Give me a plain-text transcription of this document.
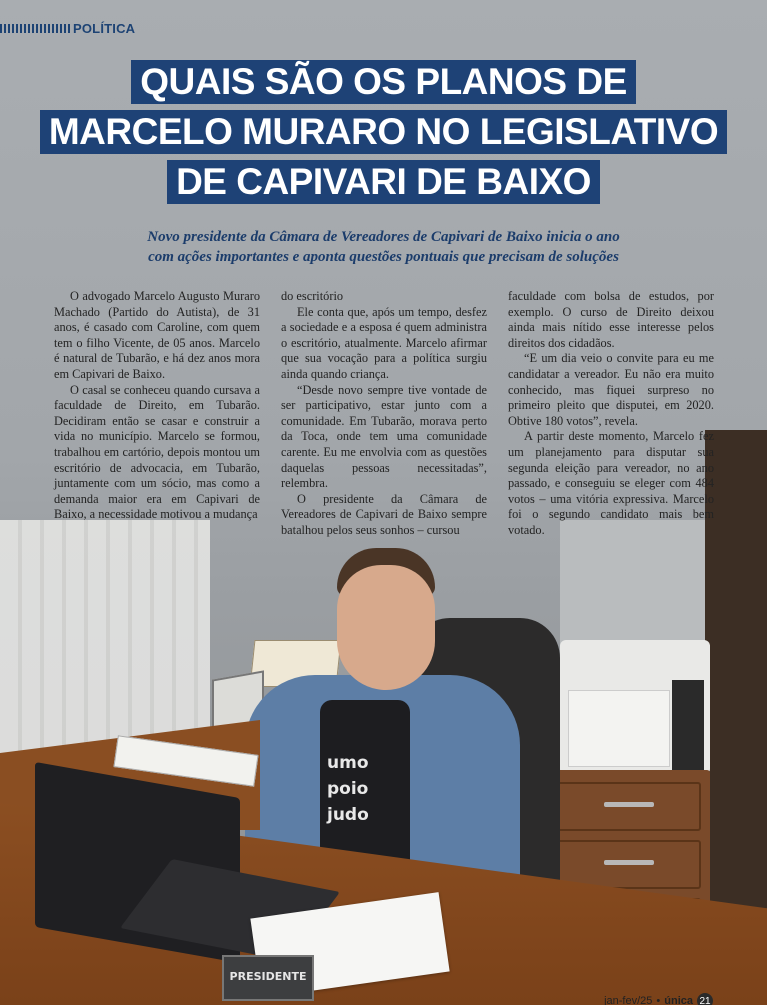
umo
poio
judo
PRESIDENTE
POLÍTICA
QUAIS SÃO OS PLANOS DE
MARCELO MURARO NO LEGISLATIVO
DE CAPIVARI DE BAIXO
Novo presidente da Câmara de Vereadores de Capivari de Baixo inicia o ano
com ações importantes e aponta questões pontuais que precisam de soluções

O advogado Marcelo Augusto Muraro Machado (Partido do Autista), de 31 anos, é casado com Caroline, com quem tem o filho Vicente, de 05 anos. Marcelo é natural de Tubarão, e há dez anos mora em Capivari de Baixo.

O casal se conheceu quando cursava a faculdade de Direito, em Tubarão. Decidiram então se casar e construir a vida no município. Marcelo se formou, trabalhou em cartório, depois montou um escritório de advocacia, em Tubarão, juntamente com um sócio, mas como a demanda maior era em Capivari de Baixo, a necessidade motivou a mudança

do escritório

Ele conta que, após um tempo, desfez a sociedade e a esposa é quem administra o escritório, atualmente. Marcelo afirmar que sua vocação para a política surgiu ainda quando criança.

“Desde novo sempre tive vontade de ser participativo, estar junto com a comunidade. Em Tubarão, morava perto da Toca, onde tem uma comunidade carente. Eu me envolvia com as questões daquelas pessoas necessitadas”, relembra.

O presidente da Câmara de Vereadores de Capivari de Baixo sempre batalhou pelos seus sonhos – cursou

faculdade com bolsa de estudos, por exemplo. O curso de Direito deixou ainda mais nítido esse interesse pelos direitos dos cidadãos.

“E um dia veio o convite para eu me candidatar a vereador. Eu não era muito conhecido, mas fiquei surpreso no primeiro pleito que disputei, em 2020. Obtive 180 votos”, revela.

A partir deste momento, Marcelo fez um planejamento para disputar sua segunda eleição para vereador, no ano passado, e conseguiu se eleger com 484 votos – uma vitória expressiva. Marcelo foi o segundo candidato mais bem votado.

jan-fev/25 • única 21
